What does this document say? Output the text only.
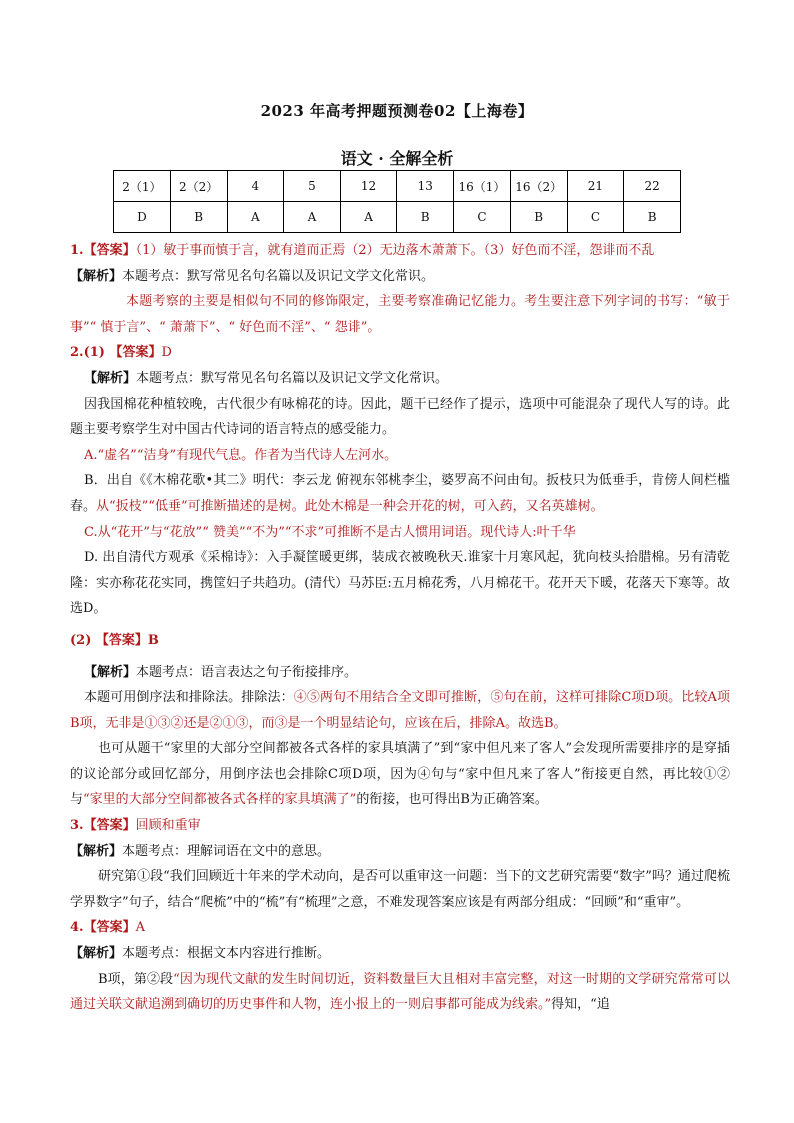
2023 年高考押题预测卷02【上海卷】
语文 · 全解全析
2（1）	2（2）	4	5	12	13	16（1）	16（2）	21	22
D	B	A	A	A	B	C	B	C	B

1.【答案】（1）敏于事而慎于言，就有道而正焉（2）无边落木萧萧下。（3）好色而不淫，怨诽而不乱

【解析】本题考点：默写常见名句名篇以及识记文学文化常识。

本题考察的主要是相似句不同的修饰限定，主要考察准确记忆能力。考生要注意下列字词的书写：“敏于事”“ 慎于言”、“ 萧萧下”、“ 好色而不淫”、“ 怨诽”。

2.(1) 【答案】D

【解析】本题考点：默写常见名句名篇以及识记文学文化常识。

因我国棉花种植较晚，古代很少有咏棉花的诗。因此，题干已经作了提示，选项中可能混杂了现代人写的诗。此题主要考察学生对中国古代诗词的语言特点的感受能力。

A.“虚名”“洁身”有现代气息。作者为当代诗人左河水。

B．出自《《木棉花歌•其二》明代：李云龙 俯视东邻桃李尘，婆罗高不问由旬。扳枝只为低垂手，肯傍人间栏槛春。从“扳枝”“低垂”可推断描述的是树。此处木棉是一种会开花的树，可入药，又名英雄树。

C.从“花开”与“花放”“ 赞美”“不为”“不求”可推断不是古人惯用词语。现代诗人:叶千华

D. 出自清代方观承《采棉诗》：入手凝筐暖更绑，装成衣被晚秋天.谁家十月寒风起，犹向枝头拾腊棉。另有清乾隆：实亦称花花实同，携筐妇子共趋功。(清代）马苏臣:五月棉花秀，八月棉花干。花开天下暖，花落天下寒等。故选D。

(2) 【答案】B

【解析】本题考点：语言表达之句子衔接排序。

本题可用倒序法和排除法。排除法：④⑤两句不用结合全文即可推断，⑤句在前，这样可排除C项D项。比较A项B项，无非是①③②还是②①③，而③是一个明显结论句，应该在后，排除A。故选B。

也可从题干“家里的大部分空间都被各式各样的家具填满了”到“家中但凡来了客人”会发现所需要排序的是穿插的议论部分或回忆部分，用倒序法也会排除C项D项，因为④句与“家中但凡来了客人”衔接更自然，再比较①②与“家里的大部分空间都被各式各样的家具填满了”的衔接，也可得出B为正确答案。

3.【答案】回顾和重审

【解析】本题考点：理解词语在文中的意思。

研究第①段“我们回顾近十年来的学术动向，是否可以重审这一问题：当下的文艺研究需要“数字”吗？通过爬梳学界数字”句子，结合“爬梳”中的“梳”有“梳理”之意，不难发现答案应该是有两部分组成：“回顾”和“重审”。

4.【答案】A

【解析】本题考点：根据文本内容进行推断。

B项，第②段“因为现代文献的发生时间切近，资料数量巨大且相对丰富完整，对这一时期的文学研究常常可以通过关联文献追溯到确切的历史事件和人物，连小报上的一则启事都可能成为线索。”得知，“追
